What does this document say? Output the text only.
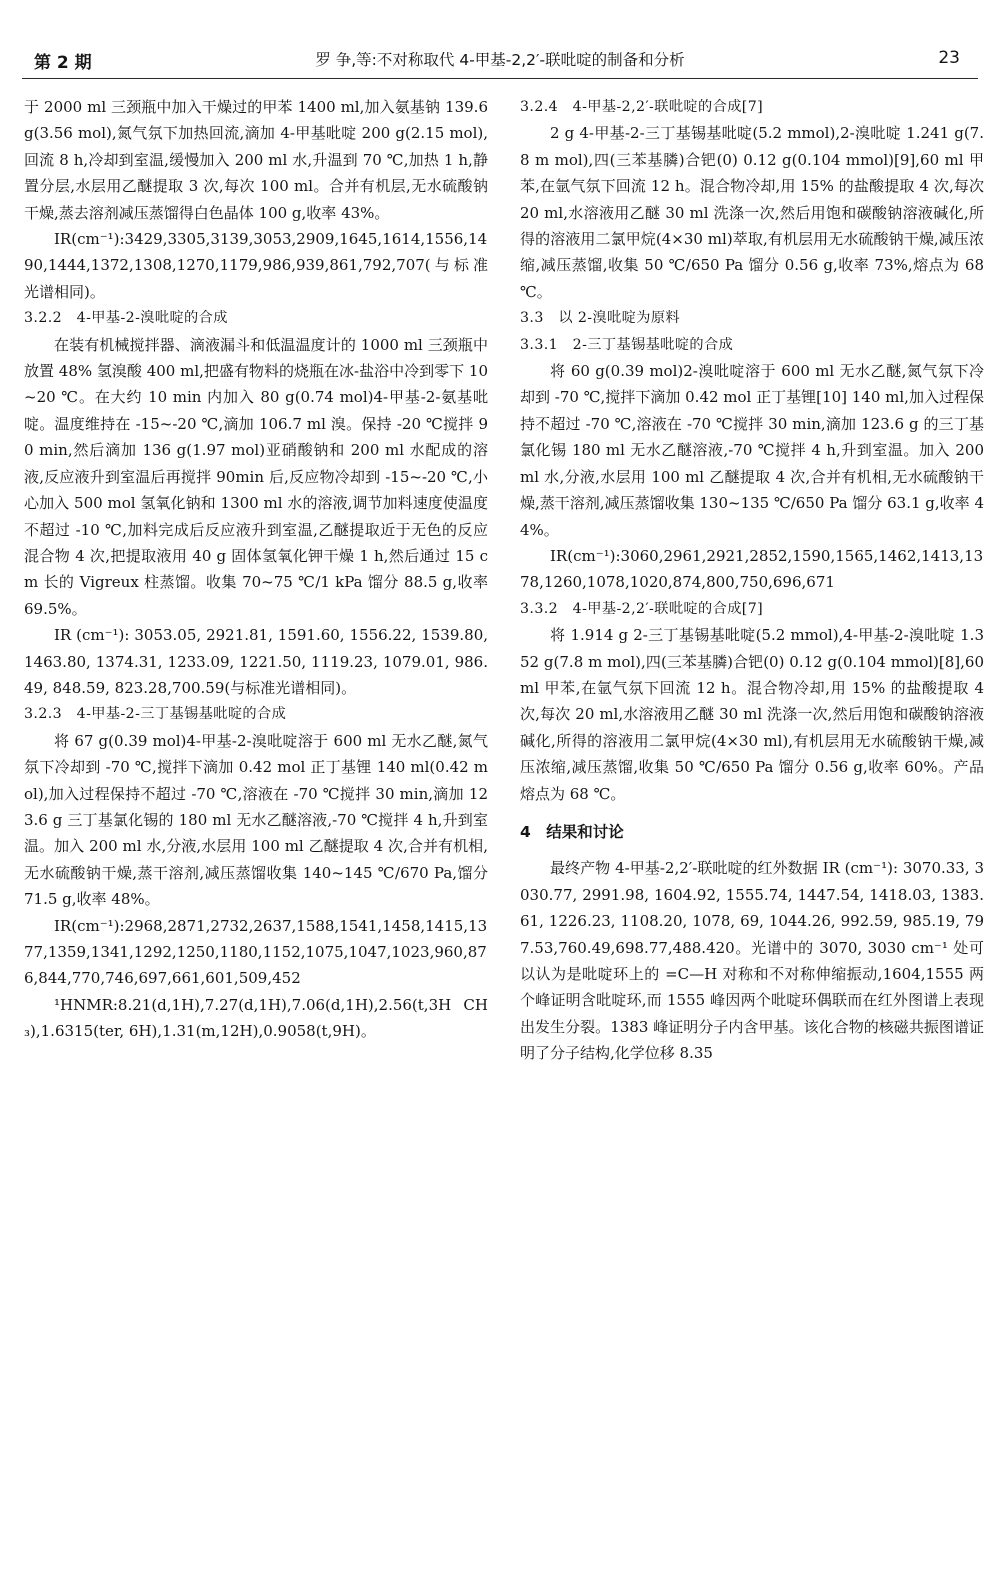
第 2 期	罗 争,等:不对称取代 4-甲基-2,2′-联吡啶的制备和分析	23

于 2000 ml 三颈瓶中加入干燥过的甲苯 1400 ml,加入氨基钠 139.6 g(3.56 mol),氮气氛下加热回流,滴加 4-甲基吡啶 200 g(2.15 mol),回流 8 h,冷却到室温,缓慢加入 200 ml 水,升温到 70 ℃,加热 1 h,静置分层,水层用乙醚提取 3 次,每次 100 ml。合并有机层,无水硫酸钠干燥,蒸去溶剂减压蒸馏得白色晶体 100 g,收率 43%。

IR(cm⁻¹):3429,3305,3139,3053,2909,1645,1614,1556,1490,1444,1372,1308,1270,1179,986,939,861,792,707(与标准光谱相同)。

3.2.2　4-甲基-2-溴吡啶的合成

在装有机械搅拌器、滴液漏斗和低温温度计的 1000 ml 三颈瓶中放置 48% 氢溴酸 400 ml,把盛有物料的烧瓶在冰-盐浴中冷到零下 10~20 ℃。在大约 10 min 内加入 80 g(0.74 mol)4-甲基-2-氨基吡啶。温度维持在 -15~-20 ℃,滴加 106.7 ml 溴。保持 -20 ℃搅拌 90 min,然后滴加 136 g(1.97 mol)亚硝酸钠和 200 ml 水配成的溶液,反应液升到室温后再搅拌 90min 后,反应物冷却到 -15~-20 ℃,小心加入 500 mol 氢氧化钠和 1300 ml 水的溶液,调节加料速度使温度不超过 -10 ℃,加料完成后反应液升到室温,乙醚提取近于无色的反应混合物 4 次,把提取液用 40 g 固体氢氧化钾干燥 1 h,然后通过 15 cm 长的 Vigreux 柱蒸馏。收集 70~75 ℃/1 kPa 馏分 88.5 g,收率 69.5%。

IR (cm⁻¹): 3053.05, 2921.81, 1591.60, 1556.22, 1539.80, 1463.80, 1374.31, 1233.09, 1221.50, 1119.23, 1079.01, 986.49, 848.59, 823.28,700.59(与标准光谱相同)。

3.2.3　4-甲基-2-三丁基锡基吡啶的合成

将 67 g(0.39 mol)4-甲基-2-溴吡啶溶于 600 ml 无水乙醚,氮气氛下冷却到 -70 ℃,搅拌下滴加 0.42 mol 正丁基锂 140 ml(0.42 mol),加入过程保持不超过 -70 ℃,溶液在 -70 ℃搅拌 30 min,滴加 123.6 g 三丁基氯化锡的 180 ml 无水乙醚溶液,-70 ℃搅拌 4 h,升到室温。加入 200 ml 水,分液,水层用 100 ml 乙醚提取 4 次,合并有机相,无水硫酸钠干燥,蒸干溶剂,减压蒸馏收集 140~145 ℃/670 Pa,馏分 71.5 g,收率 48%。

IR(cm⁻¹):2968,2871,2732,2637,1588,1541,1458,1415,1377,1359,1341,1292,1250,1180,1152,1075,1047,1023,960,876,844,770,746,697,661,601,509,452

¹HNMR:8.21(d,1H),7.27(d,1H),7.06(d,1H),2.56(t,3H CH₃),1.6315(ter, 6H),1.31(m,12H),0.9058(t,9H)。

3.2.4　4-甲基-2,2′-联吡啶的合成[7]

2 g 4-甲基-2-三丁基锡基吡啶(5.2 mmol),2-溴吡啶 1.241 g(7.8 m mol),四(三苯基膦)合钯(0) 0.12 g(0.104 mmol)[9],60 ml 甲苯,在氩气氛下回流 12 h。混合物冷却,用 15% 的盐酸提取 4 次,每次 20 ml,水溶液用乙醚 30 ml 洗涤一次,然后用饱和碳酸钠溶液碱化,所得的溶液用二氯甲烷(4×30 ml)萃取,有机层用无水硫酸钠干燥,减压浓缩,减压蒸馏,收集 50 ℃/650 Pa 馏分 0.56 g,收率 73%,熔点为 68 ℃。

3.3　以 2-溴吡啶为原料

3.3.1　2-三丁基锡基吡啶的合成

将 60 g(0.39 mol)2-溴吡啶溶于 600 ml 无水乙醚,氮气氛下冷却到 -70 ℃,搅拌下滴加 0.42 mol 正丁基锂[10] 140 ml,加入过程保持不超过 -70 ℃,溶液在 -70 ℃搅拌 30 min,滴加 123.6 g 的三丁基氯化锡 180 ml 无水乙醚溶液,-70 ℃搅拌 4 h,升到室温。加入 200 ml 水,分液,水层用 100 ml 乙醚提取 4 次,合并有机相,无水硫酸钠干燥,蒸干溶剂,减压蒸馏收集 130~135 ℃/650 Pa 馏分 63.1 g,收率 44%。

IR(cm⁻¹):3060,2961,2921,2852,1590,1565,1462,1413,1378,1260,1078,1020,874,800,750,696,671

3.3.2　4-甲基-2,2′-联吡啶的合成[7]

将 1.914 g 2-三丁基锡基吡啶(5.2 mmol),4-甲基-2-溴吡啶 1.352 g(7.8 m mol),四(三苯基膦)合钯(0) 0.12 g(0.104 mmol)[8],60 ml 甲苯,在氩气氛下回流 12 h。混合物冷却,用 15% 的盐酸提取 4 次,每次 20 ml,水溶液用乙醚 30 ml 洗涤一次,然后用饱和碳酸钠溶液碱化,所得的溶液用二氯甲烷(4×30 ml),有机层用无水硫酸钠干燥,减压浓缩,减压蒸馏,收集 50 ℃/650 Pa 馏分 0.56 g,收率 60%。产品熔点为 68 ℃。

4　结果和讨论

最终产物 4-甲基-2,2′-联吡啶的红外数据 IR (cm⁻¹): 3070.33, 3030.77, 2991.98, 1604.92, 1555.74, 1447.54, 1418.03, 1383.61, 1226.23, 1108.20, 1078, 69, 1044.26, 992.59, 985.19, 797.53,760.49,698.77,488.420。光谱中的 3070, 3030 cm⁻¹ 处可以认为是吡啶环上的 =C—H 对称和不对称伸缩振动,1604,1555 两个峰证明含吡啶环,而 1555 峰因两个吡啶环偶联而在红外图谱上表现出发生分裂。1383 峰证明分子内含甲基。该化合物的核磁共振图谱证明了分子结构,化学位移 8.35
